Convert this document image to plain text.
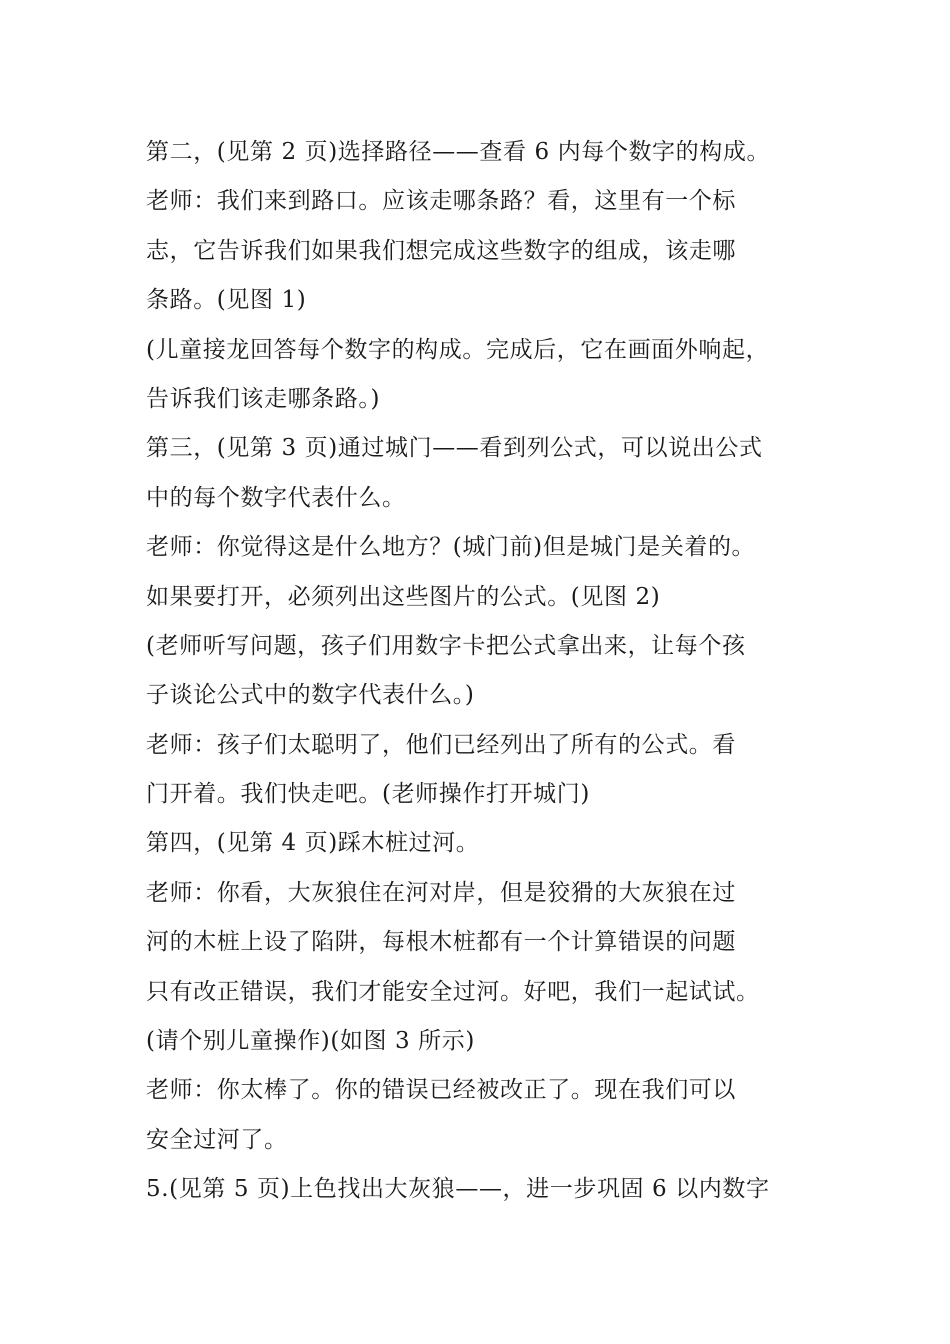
第二，(见第 2 页)选择路径——查看 6 内每个数字的构成。
老师：我们来到路口。应该走哪条路？看，这里有一个标
志，它告诉我们如果我们想完成这些数字的组成，该走哪
条路。(见图 1)
(儿童接龙回答每个数字的构成。完成后，它在画面外响起，
告诉我们该走哪条路。)
第三，(见第 3 页)通过城门——看到列公式，可以说出公式
中的每个数字代表什么。
老师：你觉得这是什么地方？(城门前)但是城门是关着的。
如果要打开，必须列出这些图片的公式。(见图 2)
(老师听写问题，孩子们用数字卡把公式拿出来，让每个孩
子谈论公式中的数字代表什么。)
老师：孩子们太聪明了，他们已经列出了所有的公式。看
门开着。我们快走吧。(老师操作打开城门)
第四，(见第 4 页)踩木桩过河。
老师：你看，大灰狼住在河对岸，但是狡猾的大灰狼在过
河的木桩上设了陷阱，每根木桩都有一个计算错误的问题
只有改正错误，我们才能安全过河。好吧，我们一起试试。
(请个别儿童操作)(如图 3 所示)
老师：你太棒了。你的错误已经被改正了。现在我们可以
安全过河了。
5.(见第 5 页)上色找出大灰狼——，进一步巩固 6 以内数字
